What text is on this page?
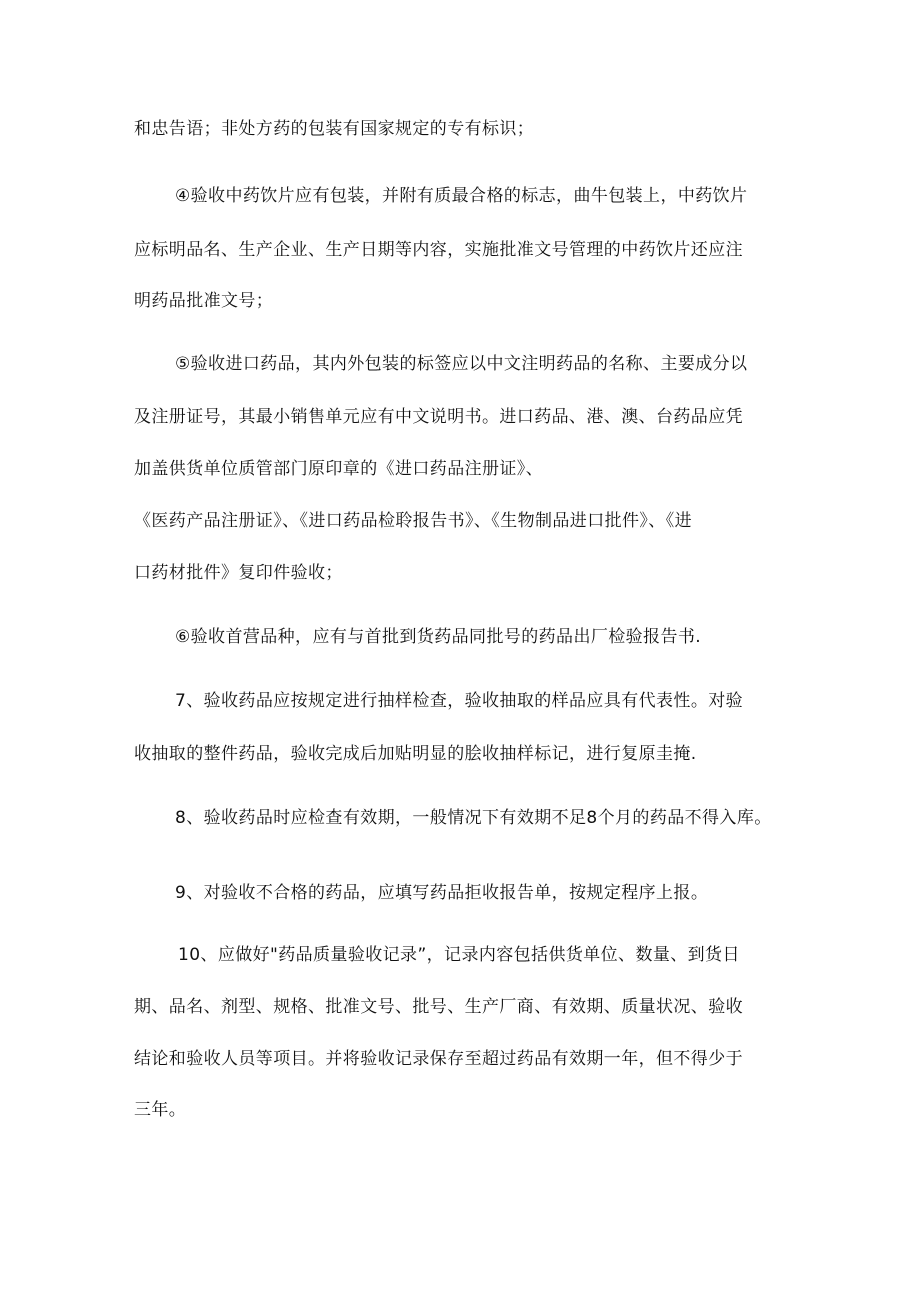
和忠告语；非处方药的包装有国家规定的专有标识；
④验收中药饮片应有包装，并附有质最合格的标志，曲牛包装上，中药饮片
应标明品名、生产企业、生产日期等内容，实施批准文号管理的中药饮片还应注
明药品批准文号；
⑤验收进口药品，其内外包装的标签应以中文注明药品的名称、主要成分以
及注册证号，其最小销售单元应有中文说明书。进口药品、港、澳、台药品应凭
加盖供货单位质管部门原印章的《进口药品注册证》、
《医药产品注册证》、《进口药品检聆报告书》、《生物制品进口批件》、《进
口药材批件》复印件验收；
⑥验收首营品种，应有与首批到货药品同批号的药品出厂检验报告书.
7、验收药品应按规定进行抽样检查，验收抽取的样品应具有代表性。对验
收抽取的整件药品，验收完成后加贴明显的脍收抽样标记，进行复原圭掩.
8、验收药品时应检查有效期，一般情况下有效期不足8个月的药品不得入库。
9、对验收不合格的药品，应填写药品拒收报告单，按规定程序上报。
10、应做好"药品质量验收记录”，记录内容包括供货单位、数量、到货日
期、品名、剂型、规格、批准文号、批号、生产厂商、有效期、质量状况、验收
结论和验收人员等项目。并将验收记录保存至超过药品有效期一年，但不得少于
三年。
